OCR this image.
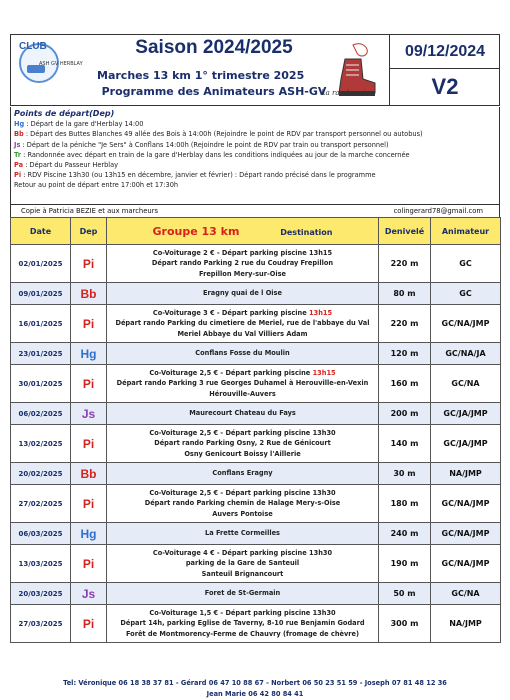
CLUB
ASH GV HERBLAY
Saison 2024/2025
Marches 13 km 1° trimestre 2025
Programme des Animateurs ASH-GV
La randonnée
09/12/2024
V2
Points de départ(Dep)
Hg : Départ de la gare d'Herblay 14:00
Bb : Départ des Buttes Blanches 49 allée des Bois à 14:00h (Rejoindre le point de RDV par transport personnel ou autobus)
Js : Départ de la péniche "Je Sers" à Conflans 14:00h (Rejoindre le point de RDV par train ou transport personnel)
Tr : Randonnée avec départ en train de la gare d'Herblay dans les conditions indiquées au jour de la marche concernée
Pa : Départ du Passeur Herblay
Pi : RDV Piscine 13h30 (ou 13h15 en décembre, janvier et février) : Départ rando précisé dans le programme
Retour au point de départ entre 17:00h et 17:30h
Copie à Patricia BEZIE et aux marcheurs	colingerard78@gmail.com
Date	Dep	Groupe 13 km Destination	Denivelé	Animateur
02/01/2025	Pi	Co-Voiturage 2 € - Départ parking piscine 13h15
Départ rando Parking 2 rue du Coudray Frepillon
Frepillon Mery-sur-Oise	220 m	GC
09/01/2025	Bb	Eragny quai de l Oise	80 m	GC
16/01/2025	Pi	Co-Voiturage 3 € - Départ parking piscine 13h15
Départ rando Parking du cimetiere de Meriel, rue de l'abbaye du Val
Meriel Abbaye du Val Villiers Adam	220 m	GC/NA/JMP
23/01/2025	Hg	Conflans Fosse du Moulin	120 m	GC/NA/JA
30/01/2025	Pi	Co-Voiturage 2,5 € - Départ parking piscine 13h15
Départ rando Parking 3 rue Georges Duhamel à Herouville-en-Vexin
Hérouville-Auvers	160 m	GC/NA
06/02/2025	Js	Maurecourt Chateau du Fays	200 m	GC/JA/JMP
13/02/2025	Pi	Co-Voiturage 2,5 € - Départ parking piscine 13h30
Départ rando Parking Osny, 2 Rue de Génicourt
Osny Genicourt Boissy l'Aillerie	140 m	GC/JA/JMP
20/02/2025	Bb	Conflans Eragny	30 m	NA/JMP
27/02/2025	Pi	Co-Voiturage 2,5 € - Départ parking piscine 13h30
Départ rando Parking chemin de Halage Mery-s-Oise
Auvers Pontoise	180 m	GC/NA/JMP
06/03/2025	Hg	La Frette Cormeilles	240 m	GC/NA/JMP
13/03/2025	Pi	Co-Voiturage 4 € - Départ parking piscine 13h30
parking de la Gare de Santeuil
Santeuil Brignancourt	190 m	GC/NA/JMP
20/03/2025	Js	Foret de St-Germain	50 m	GC/NA
27/03/2025	Pi	Co-Voiturage 1,5 € - Départ parking piscine 13h30
Départ 14h, parking Eglise de Taverny, 8-10 rue Benjamin Godard
Forêt de Montmorency-Ferme de Chauvry (fromage de chèvre)	300 m	NA/JMP
Tel: Véronique 06 18 38 37 81 - Gérard 06 47 10 88 67 - Norbert 06 50 23 51 59 - Joseph 07 81 48 12 36
Jean Marie 06 42 80 84 41
